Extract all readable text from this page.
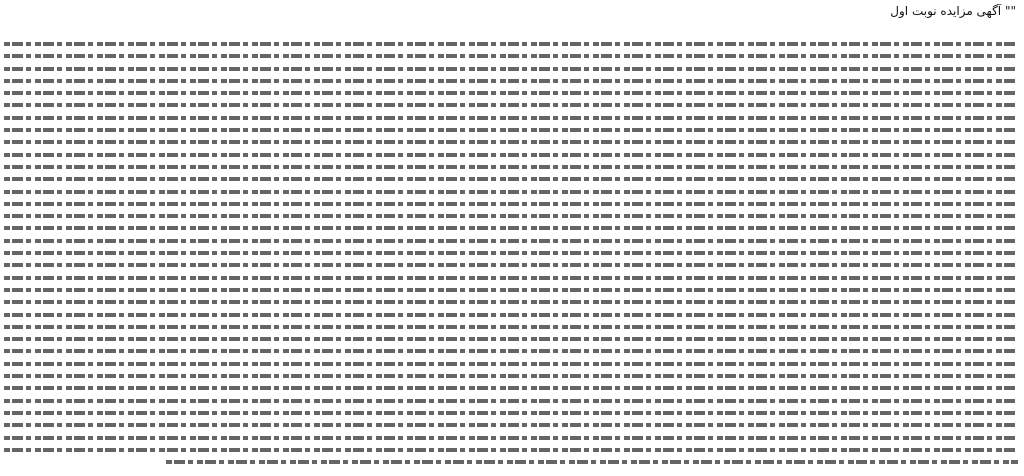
"" آگهی مزایده نوبت اول
